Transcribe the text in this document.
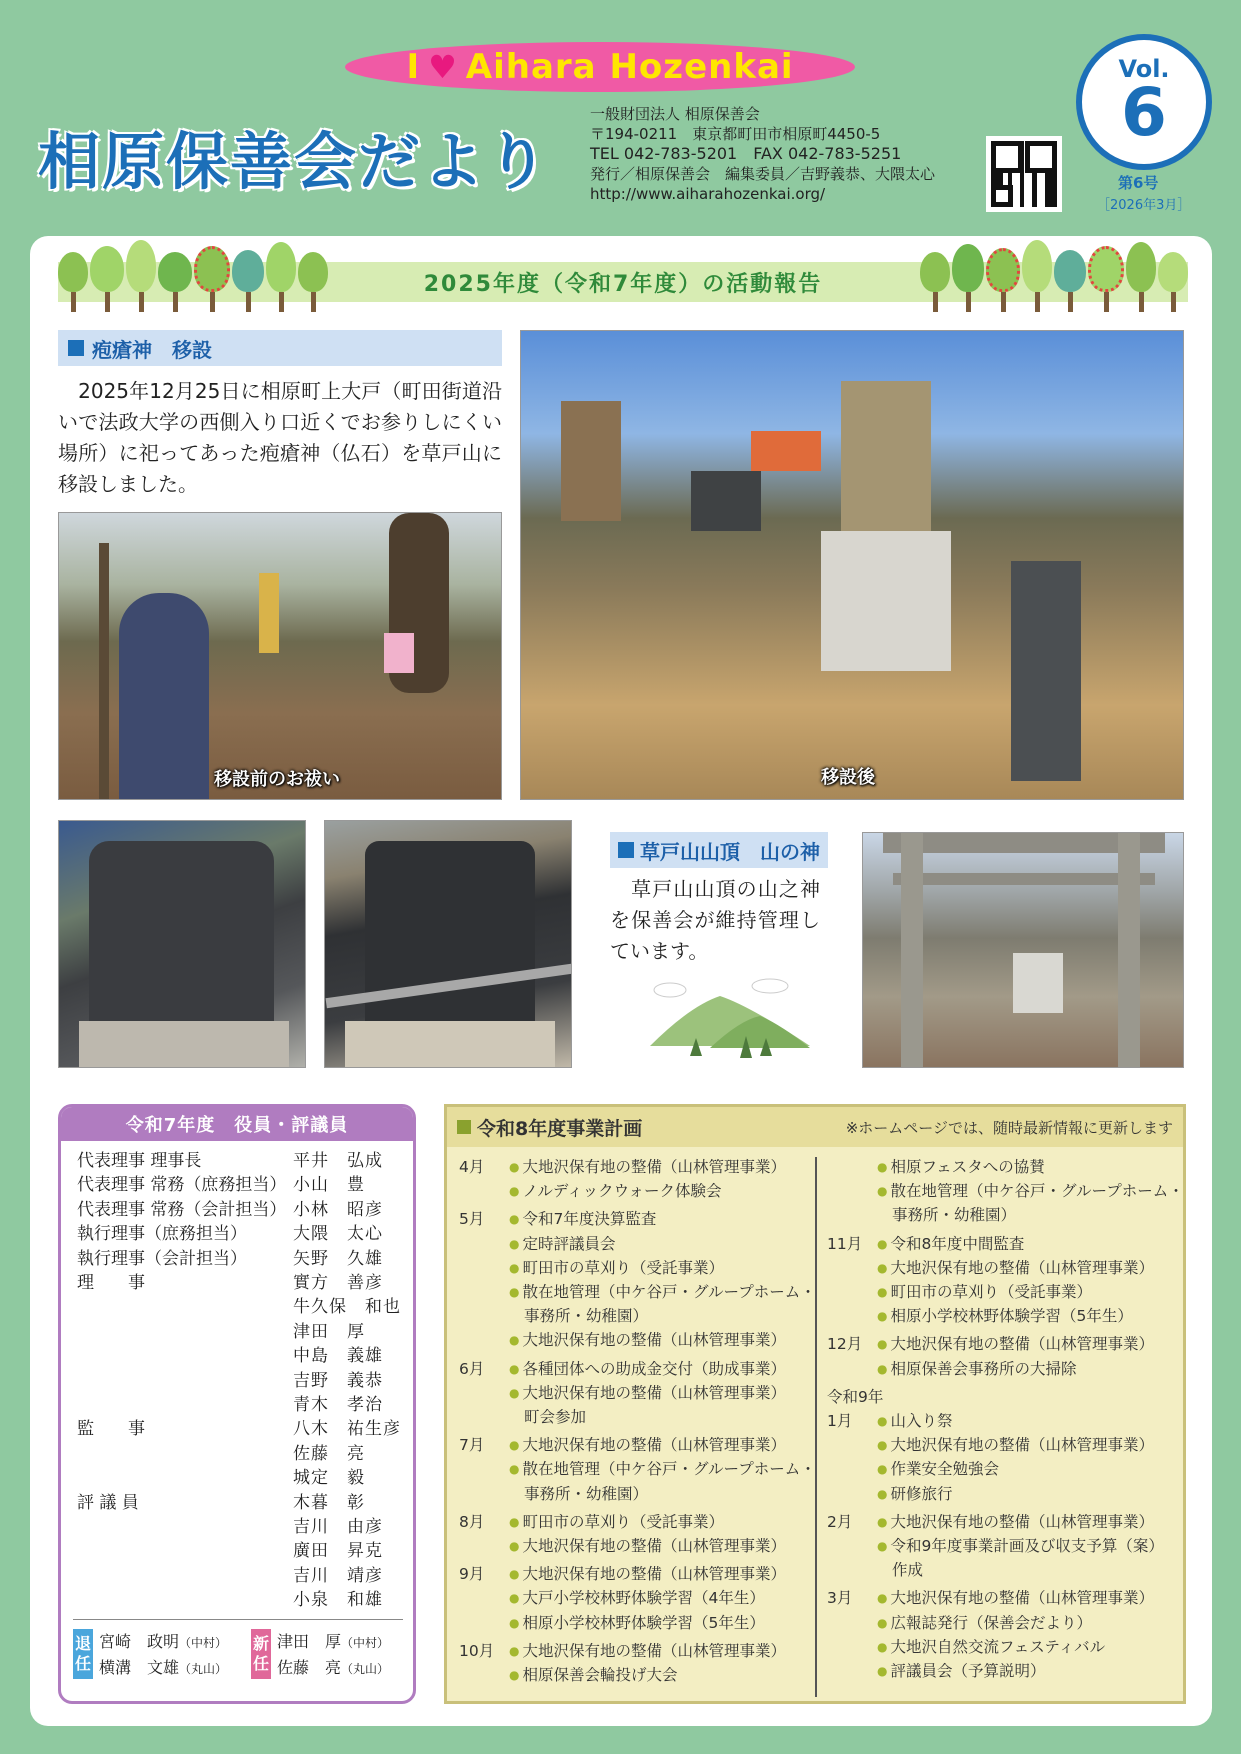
I ♥ Aihara Hozenkai
相原保善会だより
一般財団法人 相原保善会
〒194-0211　東京都町田市相原町4450-5
TEL 042-783-5201　FAX 042-783-5251
発行／相原保善会　編集委員／吉野義恭、大隈太心
http://www.aiharahozenkai.org/
Vol.
6
第6号
［2026年3月］
2025年度（令和7年度）の活動報告
疱瘡神　移設
　2025年12月25日に相原町上大戸（町田街道沿いで法政大学の西側入り口近くでお参りしにくい場所）に祀ってあった疱瘡神（仏石）を草戸山に移設しました。
移設前のお祓い	移設後
草戸山山頂　山の神
　草戸山山頂の山之神を保善会が維持管理しています。
令和7年度　役員・評議員
代表理事 理事長	平井　弘成
代表理事 常務（庶務担当） 小山　豊
代表理事 常務（会計担当） 小林　昭彦
執行理事（庶務担当）	大隈　太心
執行理事（会計担当）	矢野　久雄
理　　事	實方　善彦
牛久保　和也
津田　厚
中島　義雄
吉野　義恭
青木　孝治
監　　事	八木　祐生彦
佐藤　亮
城定　毅
評 議 員	木暮　彰
吉川　由彦
廣田　昇克
吉川　靖彦
小泉　和雄
退
任
宮崎　政明（中村）
横溝　文雄（丸山）
新
任
津田　厚（中村）
佐藤　亮（丸山）
令和8年度事業計画	※ホームページでは、随時最新情報に更新します
4月	● 大地沢保有地の整備（山林管理事業）
● ノルディックウォーク体験会
5月	● 令和7年度決算監査
● 定時評議員会
● 町田市の草刈り（受託事業）
● 散在地管理（中ケ谷戸・グループホーム・
事務所・幼稚園）
● 大地沢保有地の整備（山林管理事業）
6月	● 各種団体への助成金交付（助成事業）
● 大地沢保有地の整備（山林管理事業）
町会参加
7月	● 大地沢保有地の整備（山林管理事業）
● 散在地管理（中ケ谷戸・グループホーム・
事務所・幼稚園）
8月	● 町田市の草刈り（受託事業）
● 大地沢保有地の整備（山林管理事業）
9月	● 大地沢保有地の整備（山林管理事業）
● 大戸小学校林野体験学習（4年生）
● 相原小学校林野体験学習（5年生）
10月	● 大地沢保有地の整備（山林管理事業）
● 相原保善会輪投げ大会
● 相原フェスタへの協賛
● 散在地管理（中ケ谷戸・グループホーム・
事務所・幼稚園）
11月	● 令和8年度中間監査
● 大地沢保有地の整備（山林管理事業）
● 町田市の草刈り（受託事業）
● 相原小学校林野体験学習（5年生）
12月	● 大地沢保有地の整備（山林管理事業）
● 相原保善会事務所の大掃除
令和9年
1月	● 山入り祭
● 大地沢保有地の整備（山林管理事業）
● 作業安全勉強会
● 研修旅行
2月	● 大地沢保有地の整備（山林管理事業）
● 令和9年度事業計画及び収支予算（案）
作成
3月	● 大地沢保有地の整備（山林管理事業）
● 広報誌発行（保善会だより）
● 大地沢自然交流フェスティバル
● 評議員会（予算説明）
